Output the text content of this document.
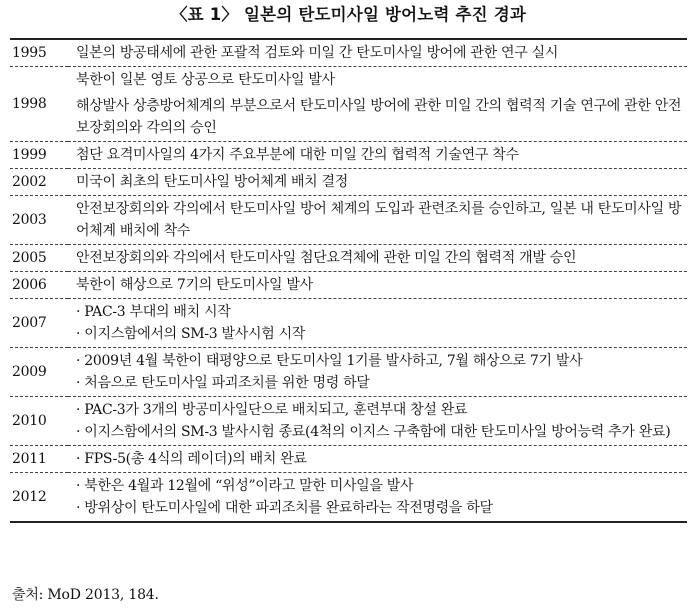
〈표 1〉 일본의 탄도미사일 방어노력 추진 경과
1995	일본의 방공태세에 관한 포괄적 검토와 미일 간 탄도미사일 방어에 관한 연구 실시

1998	북한이 일본 영토 상공으로 탄도미사일 발사
해상발사 상층방어체계의 부분으로서 탄도미사일 방어에 관한 미일 간의 협력적 기술 연구에 관한 안전보장회의와 각의의 승인

1999	첨단 요격미사일의 4가지 주요부분에 대한 미일 간의 협력적 기술연구 착수

2002	미국이 최초의 탄도미사일 방어체계 배치 결정

2003	안전보장회의와 각의에서 탄도미사일 방어 체계의 도입과 관련조치를 승인하고, 일본 내 탄도미사일 방어체계 배치에 착수

2005	안전보장회의와 각의에서 탄도미사일 첨단요격체에 관한 미일 간의 협력적 개발 승인

2006	북한이 해상으로 7기의 탄도미사일 발사

2007	· PAC-3 부대의 배치 시작
· 이지스함에서의 SM-3 발사시험 시작

2009	· 2009년 4월 북한이 태평양으로 탄도미사일 1기를 발사하고, 7월 해상으로 7기 발사
· 처음으로 탄도미사일 파괴조치를 위한 명령 하달

2010	· PAC-3가 3개의 방공미사일단으로 배치되고, 훈련부대 창설 완료
· 이지스함에서의 SM-3 발사시험 종료(4척의 이지스 구축함에 대한 탄도미사일 방어능력 추가 완료)

2011	· FPS-5(총 4식의 레이더)의 배치 완료

2012	· 북한은 4월과 12월에 “위성”이라고 말한 미사일을 발사
· 방위상이 탄도미사일에 대한 파괴조치를 완료하라는 작전명령을 하달
출처: MoD 2013, 184.
